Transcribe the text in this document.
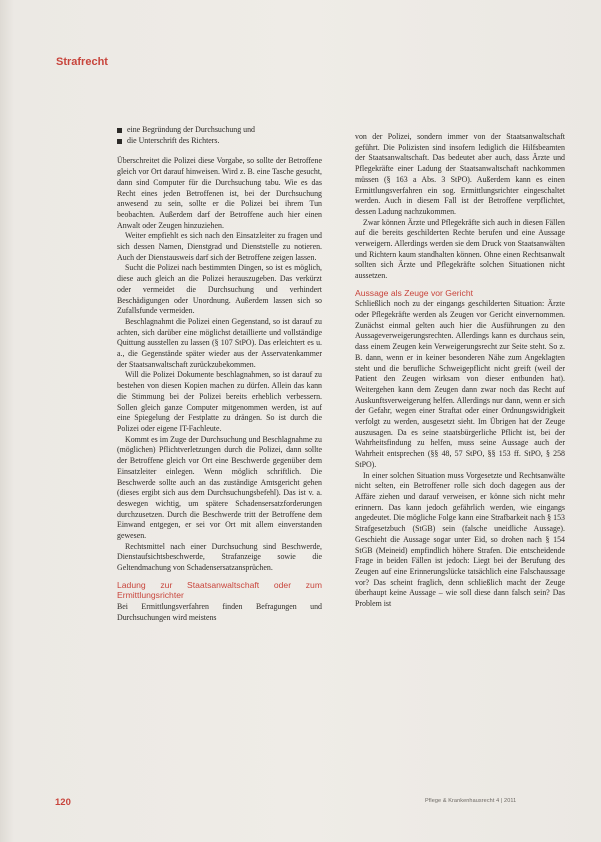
Strafrecht
eine Begründung der Durchsuchung und
die Unterschrift des Richters.

Überschreitet die Polizei diese Vorgabe, so sollte der Betroffene gleich vor Ort darauf hinweisen. Wird z. B. eine Tasche gesucht, dann sind Computer für die Durchsuchung tabu. Wie es das Recht eines jeden Betroffenen ist, bei der Durchsuchung anwesend zu sein, sollte er die Polizei bei ihrem Tun beobachten. Außerdem darf der Betroffene auch hier einen Anwalt oder Zeugen hinzuziehen.

Weiter empfiehlt es sich nach den Einsatzleiter zu fragen und sich dessen Namen, Dienstgrad und Dienststelle zu notieren. Auch der Dienstausweis darf sich der Betroffene zeigen lassen.

Sucht die Polizei nach bestimmten Dingen, so ist es möglich, diese auch gleich an die Polizei herauszugeben. Das verkürzt oder vermeidet die Durchsuchung und verhindert Beschädigungen oder Unordnung. Außerdem lassen sich so Zufallsfunde vermeiden.

Beschlagnahmt die Polizei einen Gegenstand, so ist darauf zu achten, sich darüber eine möglichst detaillierte und vollständige Quittung ausstellen zu lassen (§ 107 StPO). Das erleichtert es u. a., die Gegenstände später wieder aus der Asservatenkammer der Staatsanwaltschaft zurückzubekommen.

Will die Polizei Dokumente beschlagnahmen, so ist darauf zu bestehen von diesen Kopien machen zu dürfen. Allein das kann die Stimmung bei der Polizei bereits erheblich verbessern. Sollen gleich ganze Computer mitgenommen werden, ist auf eine Spiegelung der Festplatte zu drängen. So ist durch die Polizei oder eigene IT-Fachleute.

Kommt es im Zuge der Durchsuchung und Beschlagnahme zu (möglichen) Pflichtverletzungen durch die Polizei, dann sollte der Betroffene gleich vor Ort eine Beschwerde gegenüber dem Einsatzleiter einlegen. Wenn möglich schriftlich. Die Beschwerde sollte auch an das zuständige Amtsgericht gehen (dieses ergibt sich aus dem Durchsuchungsbefehl). Das ist v. a. deswegen wichtig, um spätere Schadensersatzforderungen durchzusetzen. Durch die Beschwerde tritt der Betroffene dem Einwand entgegen, er sei vor Ort mit allem einverstanden gewesen.

Rechtsmittel nach einer Durchsuchung sind Beschwerde, Dienstaufsichtsbeschwerde, Strafanzeige sowie die Geltendmachung von Schadensersatzansprüchen.

Ladung zur Staatsanwaltschaft oder zum Ermittlungsrichter

Bei Ermittlungsverfahren finden Befragungen und Durchsuchungen wird meistens

von der Polizei, sondern immer von der Staatsanwaltschaft geführt. Die Polizisten sind insofern lediglich die Hilfsbeamten der Staatsanwaltschaft. Das bedeutet aber auch, dass Ärzte und Pflegekräfte einer Ladung der Staatsanwaltschaft nachkommen müssen (§ 163 a Abs. 3 StPO). Außerdem kann es einen Ermittlungsverfahren ein sog. Ermittlungsrichter eingeschaltet werden. Auch in diesem Fall ist der Betroffene verpflichtet, dessen Ladung nachzukommen.

Zwar können Ärzte und Pflegekräfte sich auch in diesen Fällen auf die bereits geschilderten Rechte berufen und eine Aussage verweigern. Allerdings werden sie dem Druck von Staatsanwälten und Richtern kaum standhalten können. Ohne einen Rechtsanwalt sollten sich Ärzte und Pflegekräfte solchen Situationen nicht aussetzen.

Aussage als Zeuge vor Gericht

Schließlich noch zu der eingangs geschilderten Situation: Ärzte oder Pflegekräfte werden als Zeugen vor Gericht einvernommen. Zunächst einmal gelten auch hier die Ausführungen zu den Aussageverweigerungsrechten. Allerdings kann es durchaus sein, dass einem Zeugen kein Verweigerungsrecht zur Seite steht. So z. B. dann, wenn er in keiner besonderen Nähe zum Angeklagten steht und die berufliche Schweigepflicht nicht greift (weil der Patient den Zeugen wirksam von dieser entbunden hat). Weitergehen kann dem Zeugen dann zwar noch das Recht auf Auskunftsverweigerung helfen. Allerdings nur dann, wenn er sich der Gefahr, wegen einer Straftat oder einer Ordnungswidrigkeit verfolgt zu werden, ausgesetzt sieht. Im Übrigen hat der Zeuge auszusagen. Da es seine staatsbürgerliche Pflicht ist, bei der Wahrheitsfindung zu helfen, muss seine Aussage auch der Wahrheit entsprechen (§§ 48, 57 StPO, §§ 153 ff. StPO, § 258 StPO).

In einer solchen Situation muss Vorgesetzte und Rechtsanwälte nicht selten, ein Betroffener rolle sich doch dagegen aus der Affäre ziehen und darauf verweisen, er könne sich nicht mehr erinnern. Das kann jedoch gefährlich werden, wie eingangs angedeutet. Die mögliche Folge kann eine Strafbarkeit nach § 153 Strafgesetzbuch (StGB) sein (falsche uneidliche Aussage). Geschieht die Aussage sogar unter Eid, so drohen nach § 154 StGB (Meineid) empfindlich höhere Strafen. Die entscheidende Frage in beiden Fällen ist jedoch: Liegt bei der Berufung des Zeugen auf eine Erinnerungslücke tatsächlich eine Falschaussage vor? Das scheint fraglich, denn schließlich macht der Zeuge überhaupt keine Aussage – wie soll diese dann falsch sein? Das Problem ist

120	Pflege & Krankenhausrecht 4 | 2011
